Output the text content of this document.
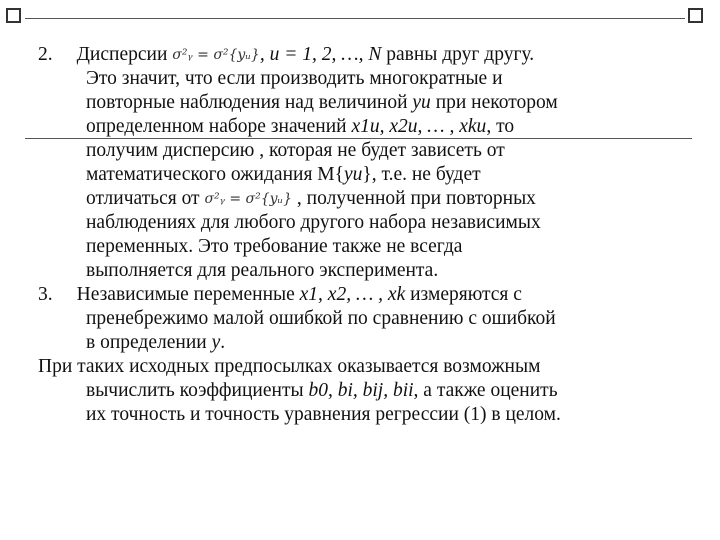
2. Дисперсии σ²ᵧ = σ²{yᵤ}, u = 1, 2, …, N равны друг другу.
Это значит, что если производить многократные и
повторные наблюдения над величиной yu при некотором
определенном наборе значений x1u, x2u, … , xku, то
получим дисперсию , которая не будет зависеть от
математического ожидания M{yu}, т.е. не будет
отличаться от σ²ᵧ = σ²{yᵤ} , полученной при повторных
наблюдениях для любого другого набора независимых
переменных. Это требование также не всегда
выполняется для реального эксперимента.
3. Независимые переменные x1, x2, … , xk измеряются с
пренебрежимо малой ошибкой по сравнению с ошибкой
в определении y.
При таких исходных предпосылках оказывается возможным
вычислить коэффициенты b0, bi, bij, bii, а также оценить
их точность и точность уравнения регрессии (1) в целом.
